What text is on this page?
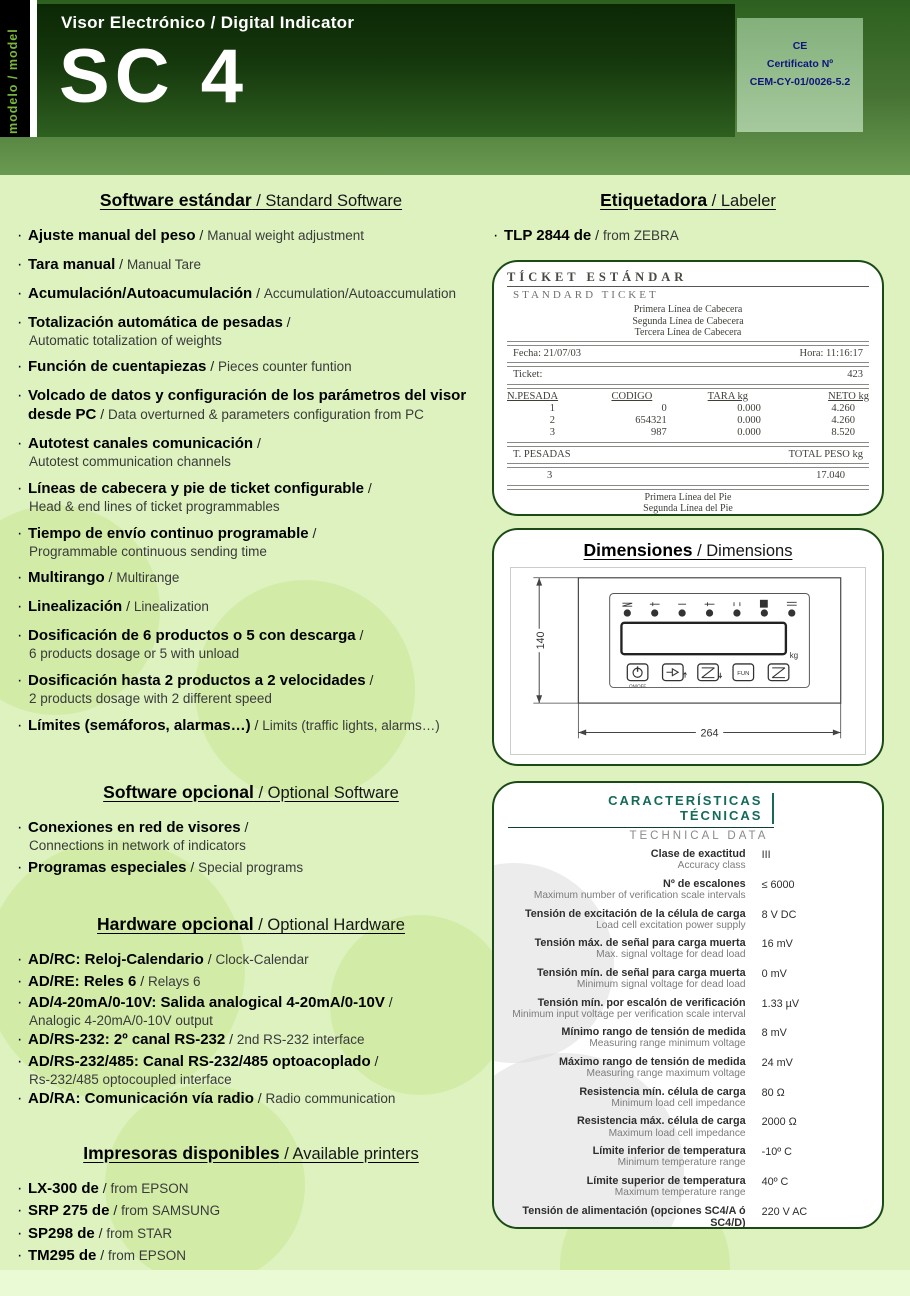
modelo / model
Visor Electrónico / Digital Indicator
SC 4	CE
Certificato Nº
CEM-CY-01/0026-5.2
Software estándar / Standard Software
· Ajuste manual del peso / Manual weight adjustment
· Tara manual / Manual Tare
· Acumulación/Autoacumulación / Accumulation/Autoaccumulation
· Totalización automática de pesadas /
Automatic totalization of weights
· Función de cuentapiezas / Pieces counter funtion
· Volcado de datos y configuración de los parámetros del visor desde PC / Data overturned & parameters configuration from PC
· Autotest canales comunicación /
Autotest communication channels
· Líneas de cabecera y pie de ticket configurable /
Head & end lines of ticket programmables
· Tiempo de envío continuo programable /
Programmable continuous sending time
· Multirango / Multirange
· Linealización / Linealization
· Dosificación de 6 productos o 5 con descarga /
6 products dosage or 5 with unload
· Dosificación hasta 2 productos a 2 velocidades /
2 products dosage with 2 different speed
· Límites (semáforos, alarmas…) / Limits (traffic lights, alarms…)
Software opcional / Optional Software
· Conexiones en red de visores /
Connections in network of indicators
· Programas especiales / Special programs
Hardware opcional / Optional Hardware
· AD/RC: Reloj-Calendario / Clock-Calendar
· AD/RE: Reles 6 / Relays 6
· AD/4-20mA/0-10V: Salida analogical 4-20mA/0-10V /
Analogic 4-20mA/0-10V output
· AD/RS-232: 2º canal RS-232 / 2nd RS-232 interface
· AD/RS-232/485: Canal RS-232/485 optoacoplado /
Rs-232/485 optocoupled interface
· AD/RA: Comunicación vía radio / Radio communication
Impresoras disponibles / Available printers
· LX-300 de / from EPSON
· SRP 275 de / from SAMSUNG
· SP298 de / from STAR
· TM295 de / from EPSON
Etiquetadora / Labeler
· TLP 2844 de / from ZEBRA
TÍCKET ESTÁNDAR
STANDARD TICKET
Primera Línea de Cabecera
Segunda Línea de Cabecera
Tercera Línea de Cabecera
Fecha: 21/07/03	Hora: 11:16:17
Ticket:	423
N.PESADA	CODIGO	TARA kg	NETO kg
1	0	0.000	4.260
2	654321	0.000	4.260
3	987	0.000	8.520
T. PESADAS	TOTAL PESO kg
3	17.040
Primera Línea del Pie
Segunda Línea del Pie
Dimensiones / Dimensions
140
264
kg
ON/OFF
FUN
CARACTERÍSTICAS
TÉCNICAS
TECHNICAL DATA
Clase de exactitud
Accuracy class
III
Nº de escalones
Maximum number of verification scale intervals
≤ 6000
Tensión de excitación de la célula de carga
Load cell excitation power supply
8 V DC
Tensión máx. de señal para carga muerta
Max. signal voltage for dead load
16 mV
Tensión mín. de señal para carga muerta
Minimum signal voltage for dead load
0 mV
Tensión mín. por escalón de verificación
Minimum input voltage per verification scale interval
1.33 µV
Mínimo rango de tensión de medida
Measuring range minimum voltage
8 mV
Máximo rango de tensión de medida
Measuring range maximum voltage
24 mV
Resistencia mín. célula de carga
Minimum load cell impedance
80 Ω
Resistencia máx. célula de carga
Maximum load cell impedance
2000 Ω
Límite inferior de temperatura
Minimum temperature range
-10º C
Límite superior de temperatura
Maximum temperature range
40º C
Tensión de alimentación (opciones SC4/A ó SC4/D)
220 V AC
